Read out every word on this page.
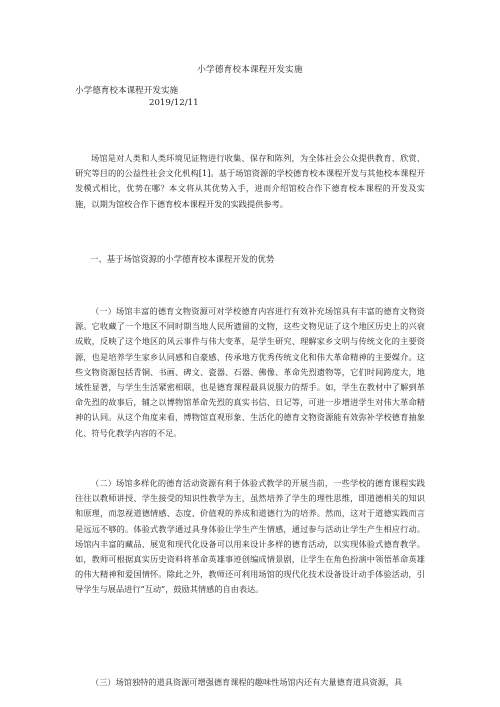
小学德育校本课程开发实施
小学德育校本课程开发实施
2019/12/11

场馆是对人类和人类环境见证物进行收集、保存和陈列，为全体社会公众提供教育、欣赏、研究等目的的公益性社会文化机构[1]。基于场馆资源的学校德育校本课程开发与其他校本课程开发模式相比，优势在哪？本文将从其优势入手，进而介绍馆校合作下德育校本课程的开发及实施，以期为馆校合作下德育校本课程开发的实践提供参考。

一、基于场馆资源的小学德育校本课程开发的优势

（一）场馆丰富的德育文物资源可对学校德育内容进行有效补充场馆具有丰富的德育文物资源。它收藏了一个地区不同时期当地人民所遗留的文物，这些文物见证了这个地区历史上的兴衰成败，反映了这个地区的风云事件与伟大变革，是学生研究、理解家乡文明与传统文化的主要资源，也是培养学生家乡认同感和自豪感、传承地方优秀传统文化和伟大革命精神的主要媒介。这些文物资源包括青铜、书画、碑文、瓷器、石器、佛像、革命先烈遗物等，它们时间跨度大，地域性显著，与学生生活紧密相联，也是德育课程最具说服力的帮手。如，学生在教材中了解到革命先烈的故事后，辅之以博物馆革命先烈的真实书信、日记等，可进一步增进学生对伟大革命精神的认同。从这个角度来看，博物馆直观形象、生活化的德育文物资源能有效弥补学校德育抽象化、符号化教学内容的不足。

（二）场馆多样化的德育活动资源有利于体验式教学的开展当前，一些学校的德育课程实践往往以教师讲授、学生接受的知识性教学为主，虽然培养了学生的理性思维，即道德相关的知识和原理，而忽视道德情感、态度、价值观的养成和道德行为的培养。然而，这对于道德实践而言是远远不够的。体验式教学通过具身体验让学生产生情感，通过参与活动让学生产生相应行动。场馆内丰富的藏品、展览和现代化设备可以用来设计多样的德育活动，以实现体验式德育教学。如，教师可根据真实历史资料将革命英雄事迹创编成情景剧，让学生在角色扮演中领悟革命英雄的伟大精神和爱国情怀。除此之外，教师还可利用场馆的现代化技术设备设计动手体验活动，引导学生与展品进行“互动”，鼓励其情感的自由表达。

（三）场馆独特的道具资源可增强德育课程的趣味性场馆内还有大量德育道具资源，具
